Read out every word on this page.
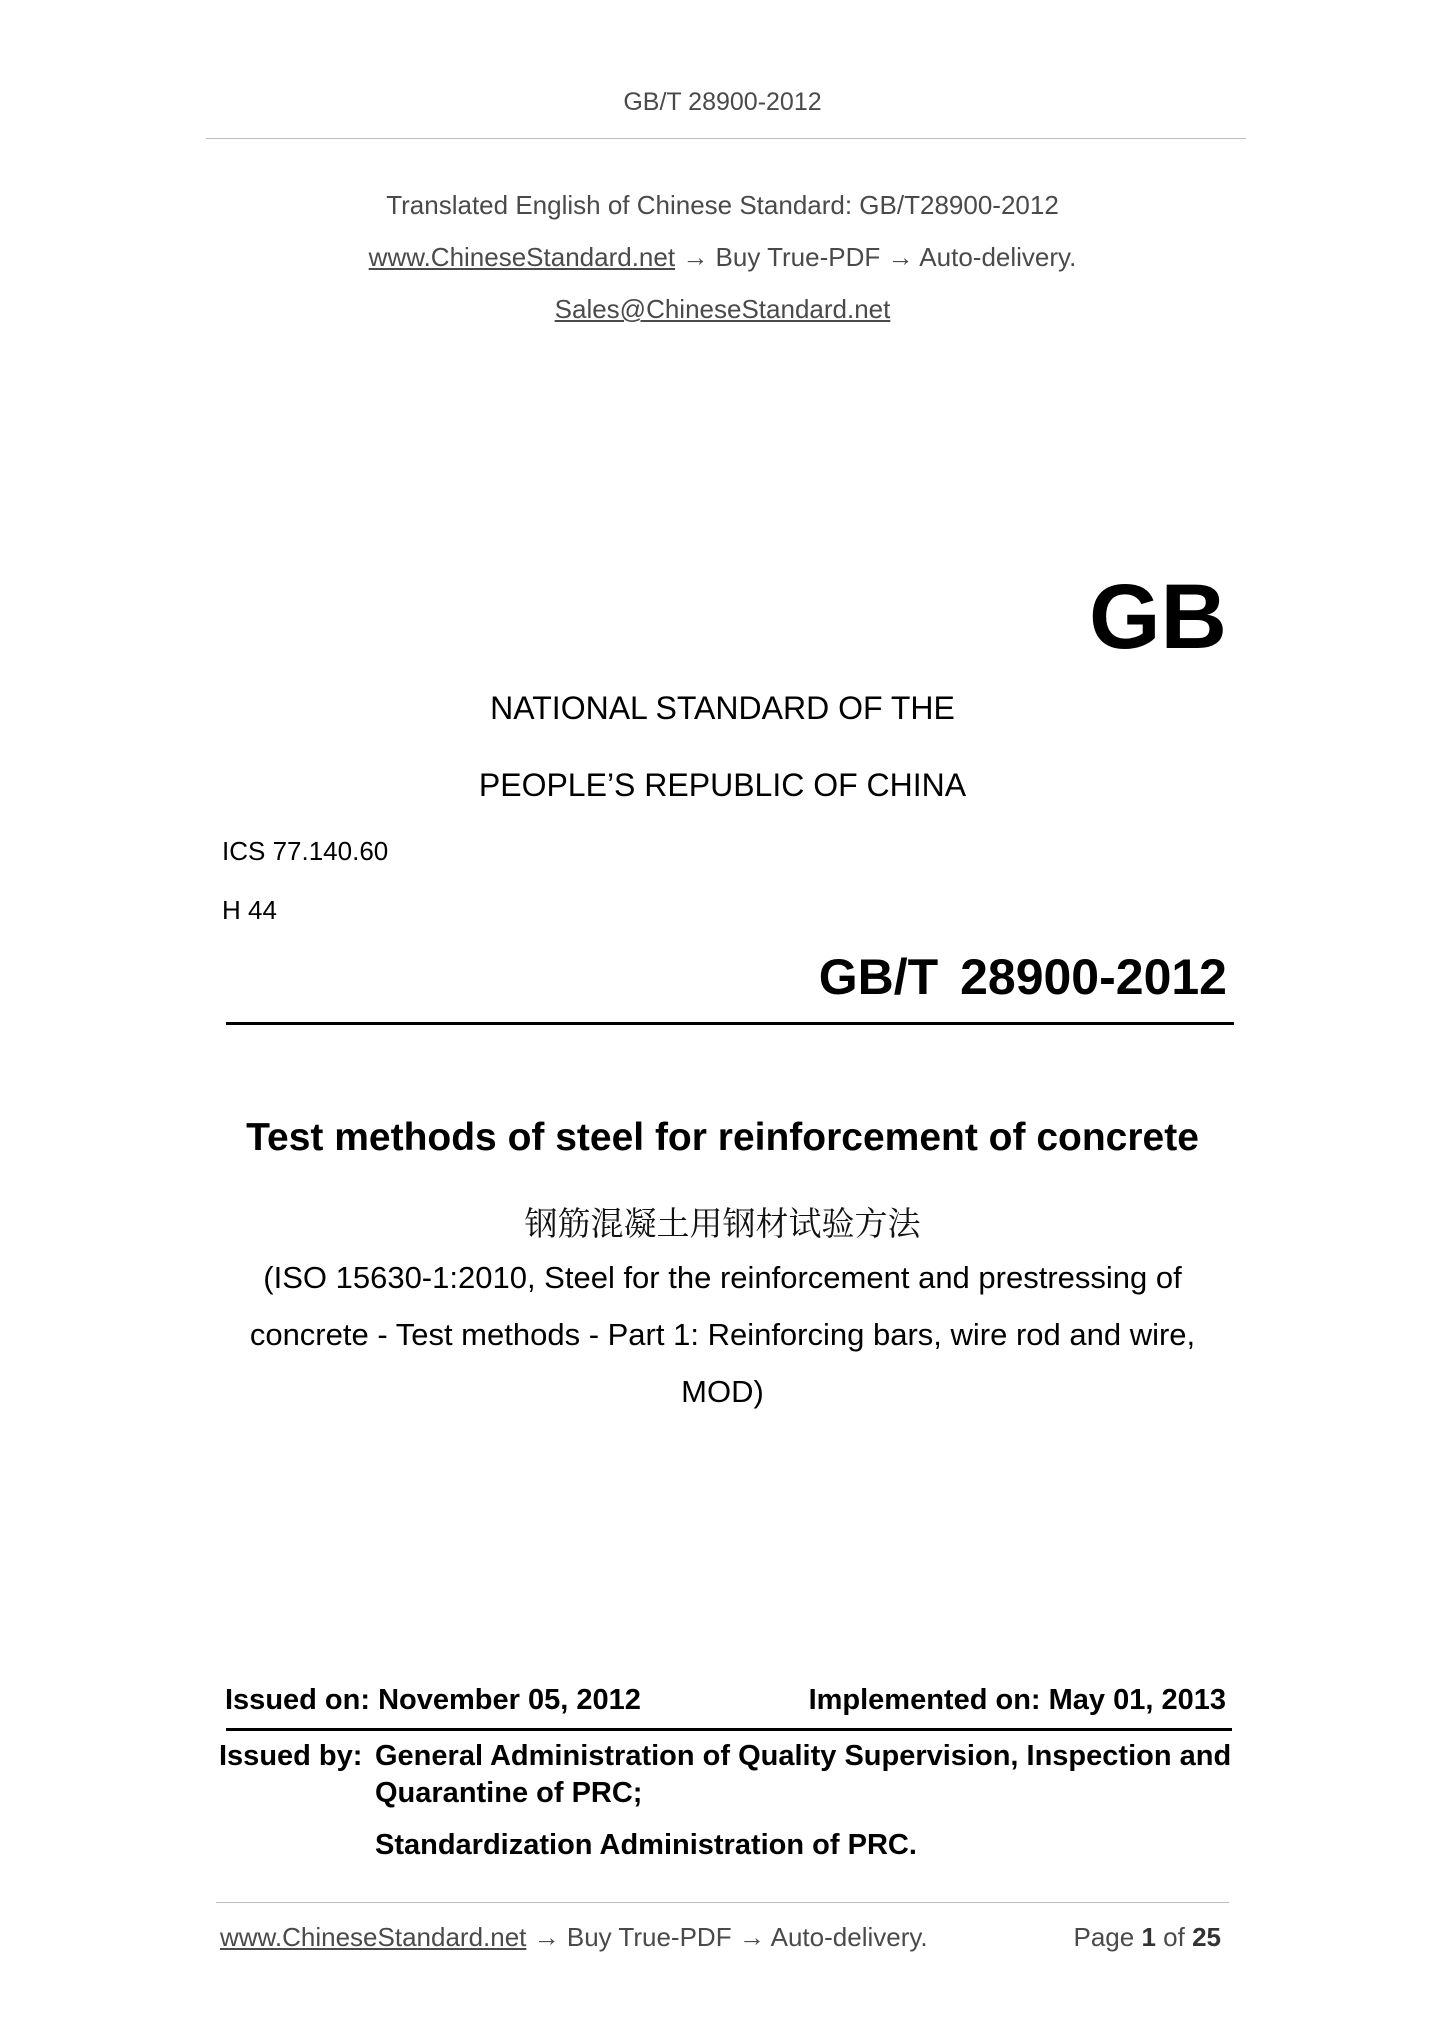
GB/T 28900-2012
Translated English of Chinese Standard: GB/T28900-2012
www.ChineseStandard.net → Buy True-PDF → Auto-delivery.
Sales@ChineseStandard.net
GB
NATIONAL STANDARD OF THE
PEOPLE’S REPUBLIC OF CHINA
ICS 77.140.60
H 44
GB/T 28900-2012
Test methods of steel for reinforcement of concrete
钢筋混凝土用钢材试验方法
(ISO 15630-1:2010, Steel for the reinforcement and prestressing of
concrete - Test methods - Part 1: Reinforcing bars, wire rod and wire,
MOD)
Issued on: November 05, 2012	Implemented on: May 01, 2013
Issued by: General Administration of Quality Supervision, Inspection and
Quarantine of PRC;
Standardization Administration of PRC.
www.ChineseStandard.net → Buy True-PDF → Auto-delivery.	Page 1 of 25
